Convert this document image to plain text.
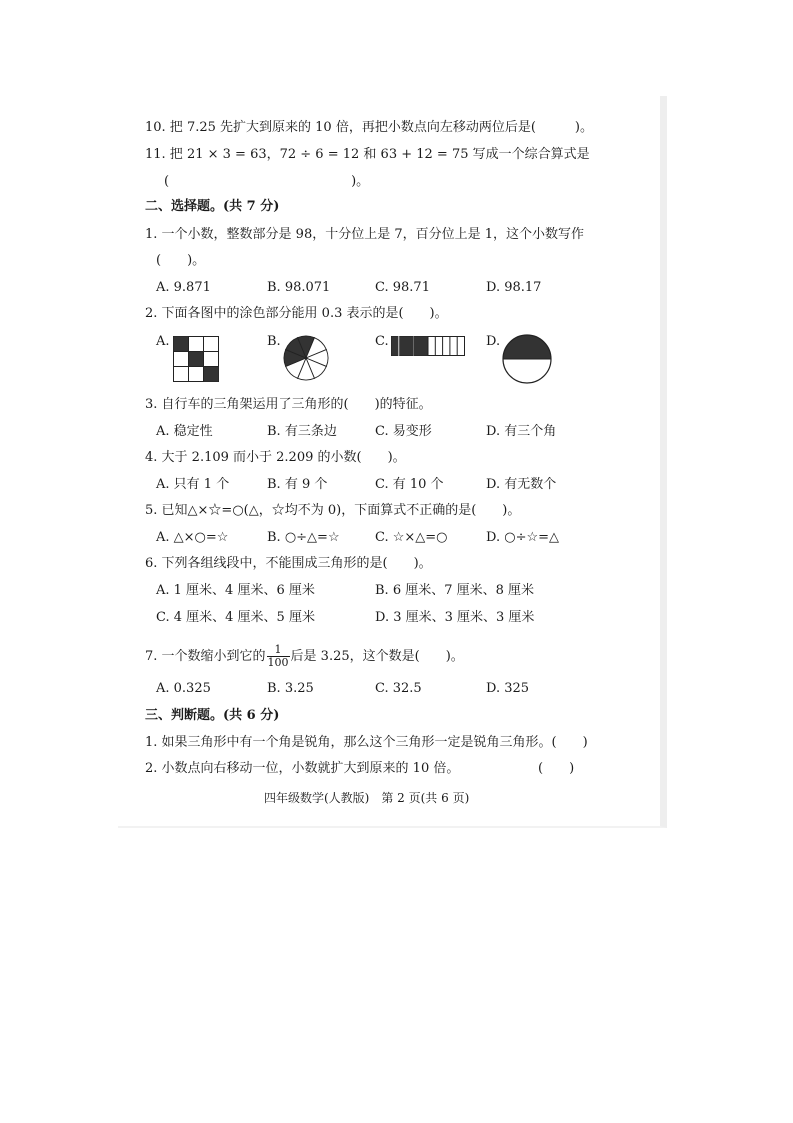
10. 把 7.25 先扩大到原来的 10 倍，再把小数点向左移动两位后是(　　　)。
11. 把 21 × 3 = 63，72 ÷ 6 = 12 和 63 + 12 = 75 写成一个综合算式是
(　　　　　　　　　　　　　　)。
二、选择题。(共 7 分)
1. 一个小数，整数部分是 98，十分位上是 7，百分位上是 1，这个小数写作
(　　)。
A. 9.871	B. 98.071	C. 98.71	D. 98.17
2. 下面各图中的涂色部分能用 0.3 表示的是(　　)。
A.	B.	C.	D.
3. 自行车的三角架运用了三角形的(　　)的特征。
A. 稳定性	B. 有三条边	C. 易变形	D. 有三个角
4. 大于 2.109 而小于 2.209 的小数(　　)。
A. 只有 1 个	B. 有 9 个	C. 有 10 个	D. 有无数个
5. 已知△×☆=○(△，☆均不为 0)，下面算式不正确的是(　　)。
A. △×○=☆	B. ○÷△=☆	C. ☆×△=○	D. ○÷☆=△
6. 下列各组线段中，不能围成三角形的是(　　)。
A. 1 厘米、4 厘米、6 厘米	B. 6 厘米、7 厘米、8 厘米
C. 4 厘米、4 厘米、5 厘米	D. 3 厘米、3 厘米、3 厘米
7. 一个数缩小到它的 $\frac{1}{100}$ 后是 3.25，这个数是(　　)。
A. 0.325	B. 3.25	C. 32.5	D. 325
三、判断题。(共 6 分)
1. 如果三角形中有一个角是锐角，那么这个三角形一定是锐角三角形。(　　)
2. 小数点向右移动一位，小数就扩大到原来的 10 倍。	(　　)
四年级数学(人教版)　第 2 页(共 6 页)
